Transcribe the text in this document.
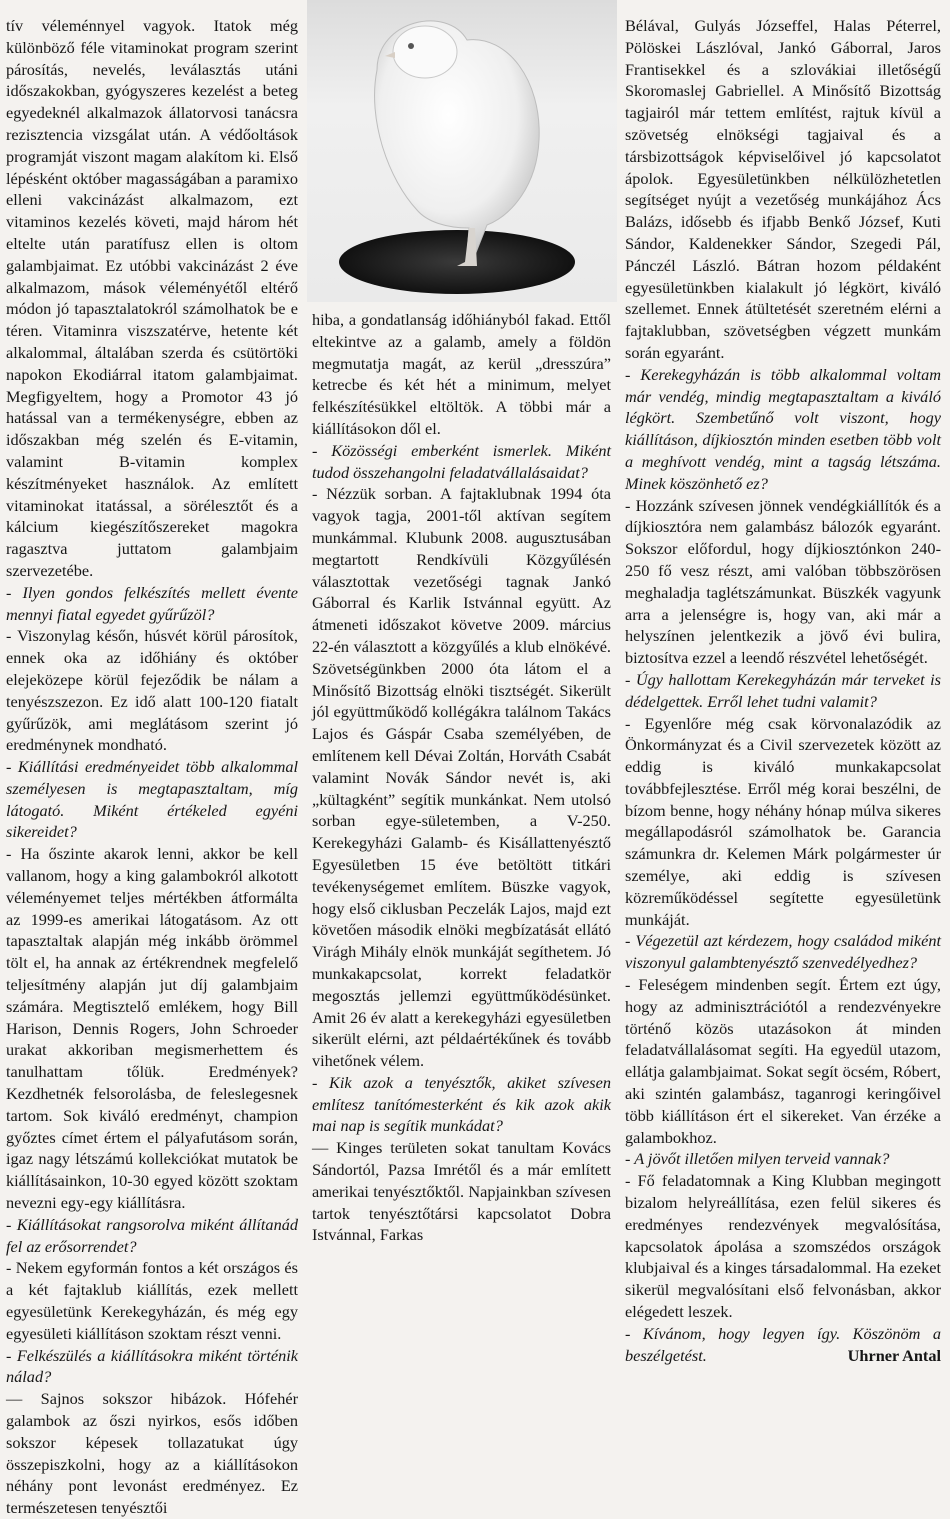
tív véleménnyel vagyok. Itatok még különböző féle vitaminokat program szerint párosítás, nevelés, leválasztás utáni időszakokban, gyógyszeres kezelést a beteg egyedeknél alkalmazok állatorvosi tanácsra rezisztencia vizsgálat után. A védőoltások programját viszont magam alakítom ki. Első lépésként október magasságában a paramixo elleni vakcinázást alkalmazom, ezt vitaminos kezelés követi, majd három hét eltelte után paratífusz ellen is oltom galambjaimat. Ez utóbbi vakcinázást 2 éve alkalmazom, mások véleményétől eltérő módon jó tapasztalatokról számolhatok be e téren. Vitaminra viszszatérve, hetente két alkalommal, általában szerda és csütörtöki napokon Ekodiárral itatom galambjaimat. Megfigyeltem, hogy a Promotor 43 jó hatással van a termékenységre, ebben az időszakban még szelén és E-vitamin, valamint B-vitamin komplex készítményeket használok. Az említett vitaminokat itatással, a sörélesztőt és a kálcium kiegészítőszereket magokra ragasztva juttatom galambjaim szervezetébe.

- Ilyen gondos felkészítés mellett évente mennyi fiatal egyedet gyűrűzöl?

- Viszonylag későn, húsvét körül párosítok, ennek oka az időhiány és október elejeközepe körül fejeződik be nálam a tenyészszezon. Ez idő alatt 100-120 fiatalt gyűrűzök, ami meglátásom szerint jó eredménynek mondható.

- Kiállítási eredményeidet több alkalommal személyesen is megtapasztaltam, míg látogató. Miként értékeled egyéni sikereidet?

- Ha őszinte akarok lenni, akkor be kell vallanom, hogy a king galambokról alkotott véleményemet teljes mértékben átformálta az 1999-es amerikai látogatásom. Az ott tapasztaltak alapján még inkább örömmel tölt el, ha annak az értékrendnek megfelelő teljesítmény alapján jut díj galambjaim számára. Megtisztelő emlékem, hogy Bill Harison, Dennis Rogers, John Schroeder urakat akkoriban megismerhettem és tanulhattam tőlük. Eredmények? Kezdhetnék felsorolásba, de feleslegesnek tartom. Sok kiváló eredményt, champion győztes címet értem el pályafutásom során, igaz nagy létszámú kollekciókat mutatok be kiállításainkon, 10-30 egyed között szoktam nevezni egy-egy kiállításra.

- Kiállításokat rangsorolva miként állítanád fel az erősorrendet?

- Nekem egyformán fontos a két országos és a két fajtaklub kiállítás, ezek mellett egyesületünk Kerekegyházán, és még egy egyesületi kiállításon szoktam részt venni.

- Felkészülés a kiállításokra miként történik nálad?

— Sajnos sokszor hibázok. Hófehér galambok az őszi nyirkos, esős időben sokszor képesek tollazatukat úgy összepiszkolni, hogy az a kiállításokon néhány pont levonást eredményez. Ez természetesen tenyésztői

hiba, a gondatlanság időhiányból fakad. Ettől eltekintve az a galamb, amely a földön megmutatja magát, az kerül „dresszúra” ketrecbe és két hét a minimum, melyet felkészítésükkel eltöltök. A többi már a kiállításokon dől el.

- Közösségi emberként ismerlek. Miként tudod összehangolni feladatvállalásaidat?

- Nézzük sorban. A fajtaklubnak 1994 óta vagyok tagja, 2001-től aktívan segítem munkámmal. Klubunk 2008. augusztusában megtartott Rendkívüli Közgyűlésén választottak vezetőségi tagnak Jankó Gáborral és Karlik Istvánnal együtt. Az átmeneti időszakot követve 2009. március 22-én választott a közgyűlés a klub elnökévé. Szövetségünkben 2000 óta látom el a Minősítő Bizottság elnöki tisztségét. Sikerült jól együttműködő kollégákra találnom Takács Lajos és Gáspár Csaba személyében, de említenem kell Dévai Zoltán, Horváth Csabát valamint Novák Sándor nevét is, aki „kültagként” segítik munkánkat. Nem utolsó sorban egye-sületemben, a V-250. Kerekegyházi Galamb- és Kisállattenyésztő Egyesületben 15 éve betöltött titkári tevékenységemet említem. Büszke vagyok, hogy első ciklusban Peczelák Lajos, majd ezt követően második elnöki megbízatását ellátó Virágh Mihály elnök munkáját segíthetem. Jó munkakapcsolat, korrekt feladatkör megosztás jellemzi együttműködésünket. Amit 26 év alatt a kerekegyházi egyesületben sikerült elérni, azt példaértékűnek és tovább vihetőnek vélem.

- Kik azok a tenyésztők, akiket szívesen említesz tanítómesterként és kik azok akik mai nap is segítik munkádat?

— Kinges területen sokat tanultam Kovács Sándortól, Pazsa Imrétől és a már említett amerikai tenyésztőktől. Napjainkban szívesen tartok tenyésztőtársi kapcsolatot Dobra Istvánnal, Farkas

Bélával, Gulyás Józseffel, Halas Péterrel, Pölöskei Lászlóval, Jankó Gáborral, Jaros Frantisekkel és a szlovákiai illetőségű Skoromaslej Gabriellel. A Minősítő Bizottság tagjairól már tettem említést, rajtuk kívül a szövetség elnökségi tagjaival és a társbizottságok képviselőivel jó kapcsolatot ápolok. Egyesületünkben nélkülözhetetlen segítséget nyújt a vezetőség munkájához Ács Balázs, idősebb és ifjabb Benkő József, Kuti Sándor, Kaldenekker Sándor, Szegedi Pál, Pánczél László. Bátran hozom példaként egyesületünkben kialakult jó légkört, kiváló szellemet. Ennek átültetését szeretném elérni a fajtaklubban, szövetségben végzett munkám során egyaránt.

- Kerekegyházán is több alkalommal voltam már vendég, mindig megtapasztaltam a kiváló légkört. Szembetűnő volt viszont, hogy kiállításon, díjkiosztón minden esetben több volt a meghívott vendég, mint a tagság létszáma. Minek köszönhető ez?

- Hozzánk szívesen jönnek vendégkiállítók és a díjkiosztóra nem galambász bálozók egyaránt. Sokszor előfordul, hogy díjkiosztónkon 240-250 fő vesz részt, ami valóban többszörösen meghaladja taglétszámunkat. Büszkék vagyunk arra a jelenségre is, hogy van, aki már a helyszínen jelentkezik a jövő évi bulira, biztosítva ezzel a leendő részvétel lehetőségét.

- Úgy hallottam Kerekegyházán már terveket is dédelgettek. Erről lehet tudni valamit?

- Egyenlőre még csak körvonalazódik az Önkormányzat és a Civil szervezetek között az eddig is kiváló munkakapcsolat továbbfejlesztése. Erről még korai beszélni, de bízom benne, hogy néhány hónap múlva sikeres megállapodásról számolhatok be. Garancia számunkra dr. Kelemen Márk polgármester úr személye, aki eddig is szívesen közreműködéssel segítette egyesületünk munkáját.

- Végezetül azt kérdezem, hogy családod miként viszonyul galambtenyésztő szenvedélyedhez?

- Feleségem mindenben segít. Értem ezt úgy, hogy az adminisztrációtól a rendezvényekre történő közös utazásokon át minden feladatvállalásomat segíti. Ha egyedül utazom, ellátja galambjaimat. Sokat segít öcsém, Róbert, aki szintén galambász, taganrogi keringőivel több kiállításon ért el sikereket. Van érzéke a galambokhoz.

- A jövőt illetően milyen terveid vannak?

- Fő feladatomnak a King Klubban megingott bizalom helyreállítása, ezen felül sikeres és eredményes rendezvények megvalósítása, kapcsolatok ápolása a szomszédos országok klubjaival és a kinges társadalommal. Ha ezeket sikerül megvalósítani első felvonásban, akkor elégedett leszek.

- Kívánom, hogy legyen így. Köszönöm a beszélgetést.	Uhrner Antal
